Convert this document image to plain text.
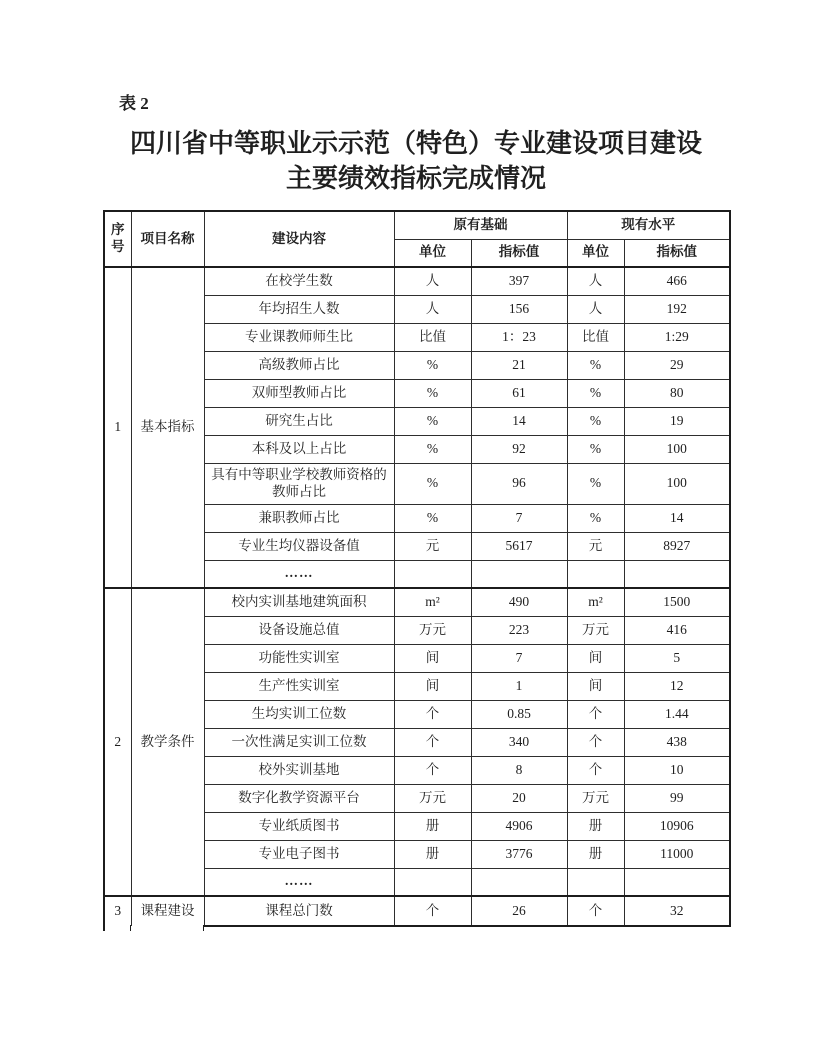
表 2
四川省中等职业示示范（特色）专业建设项目建设
主要绩效指标完成情况
序号	项目名称	建设内容	原有基础		现有水平	
			单位	指标值	单位	指标值
1	基本指标	在校学生数	人	397	人	466
		年均招生人数	人	156	人	192
		专业课教师师生比	比值	1：23	比值	1:29
		高级教师占比	%	21	%	29
		双师型教师占比	%	61	%	80
		研究生占比	%	14	%	19
		本科及以上占比	%	92	%	100
		具有中等职业学校教师资格的教师占比	%	96	%	100
		兼职教师占比	%	7	%	14
		专业生均仪器设备值	元	5617	元	8927
		……				
2	教学条件	校内实训基地建筑面积	m²	490	m²	1500
		设备设施总值	万元	223	万元	416
		功能性实训室	间	7	间	5
		生产性实训室	间	1	间	12
		生均实训工位数	个	0.85	个	1.44
		一次性满足实训工位数	个	340	个	438
		校外实训基地	个	8	个	10
		数字化教学资源平台	万元	20	万元	99
		专业纸质图书	册	4906	册	10906
		专业电子图书	册	3776	册	11000
		……				
3	课程建设	课程总门数	个	26	个	32
